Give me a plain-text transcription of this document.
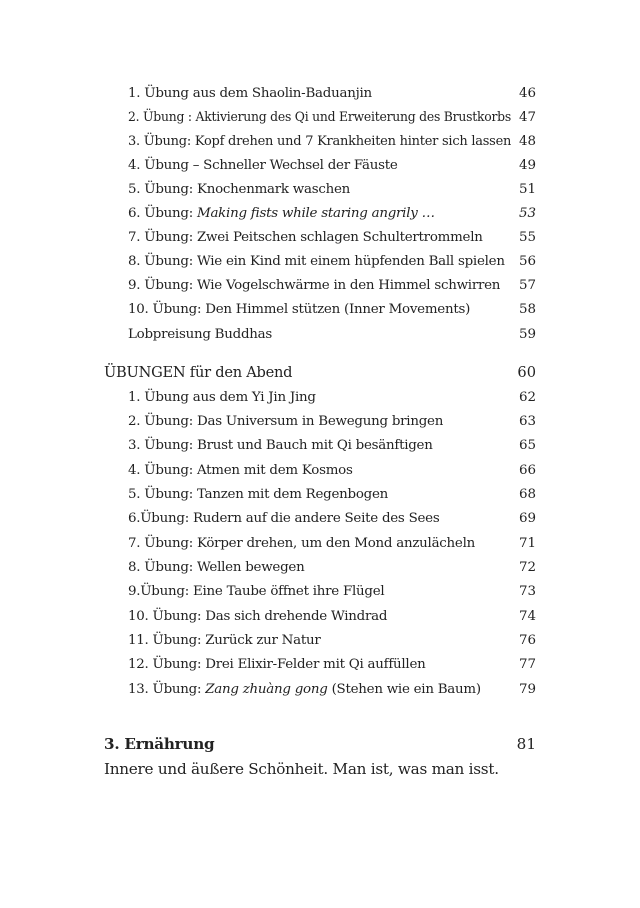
1. Übung aus dem Shaolin-Baduanjin	46
2. Übung : Aktivierung des Qi und Erweiterung des Brustkorbs 47
3. Übung: Kopf drehen und 7 Krankheiten hinter sich lassen 48
4. Übung – Schneller Wechsel der Fäuste	49
5. Übung: Knochenmark waschen	51
6. Übung: Making fists while staring angrily …	53
7. Übung: Zwei Peitschen schlagen Schultertrommeln	55
8. Übung: Wie ein Kind mit einem hüpfenden Ball spielen 56
9. Übung: Wie Vogelschwärme in den Himmel schwirren 57
10. Übung: Den Himmel stützen (Inner Movements)	58
Lobpreisung Buddhas	59
ÜBUNGEN für den Abend	60
1. Übung aus dem Yi Jin Jing	62
2. Übung: Das Universum in Bewegung bringen	63
3. Übung: Brust und Bauch mit Qi besänftigen	65
4. Übung: Atmen mit dem Kosmos	66
5. Übung: Tanzen mit dem Regenbogen	68
6.Übung: Rudern auf die andere Seite des Sees	69
7. Übung: Körper drehen, um den Mond anzulächeln	71
8. Übung: Wellen bewegen	72
9.Übung: Eine Taube öffnet ihre Flügel	73
10. Übung: Das sich drehende Windrad	74
11. Übung: Zurück zur Natur	76
12. Übung: Drei Elixir-Felder mit Qi auffüllen	77
13. Übung: Zang zhuàng gong (Stehen wie ein Baum)	79
3. Ernährung	81
Innere und äußere Schönheit. Man ist, was man isst.
